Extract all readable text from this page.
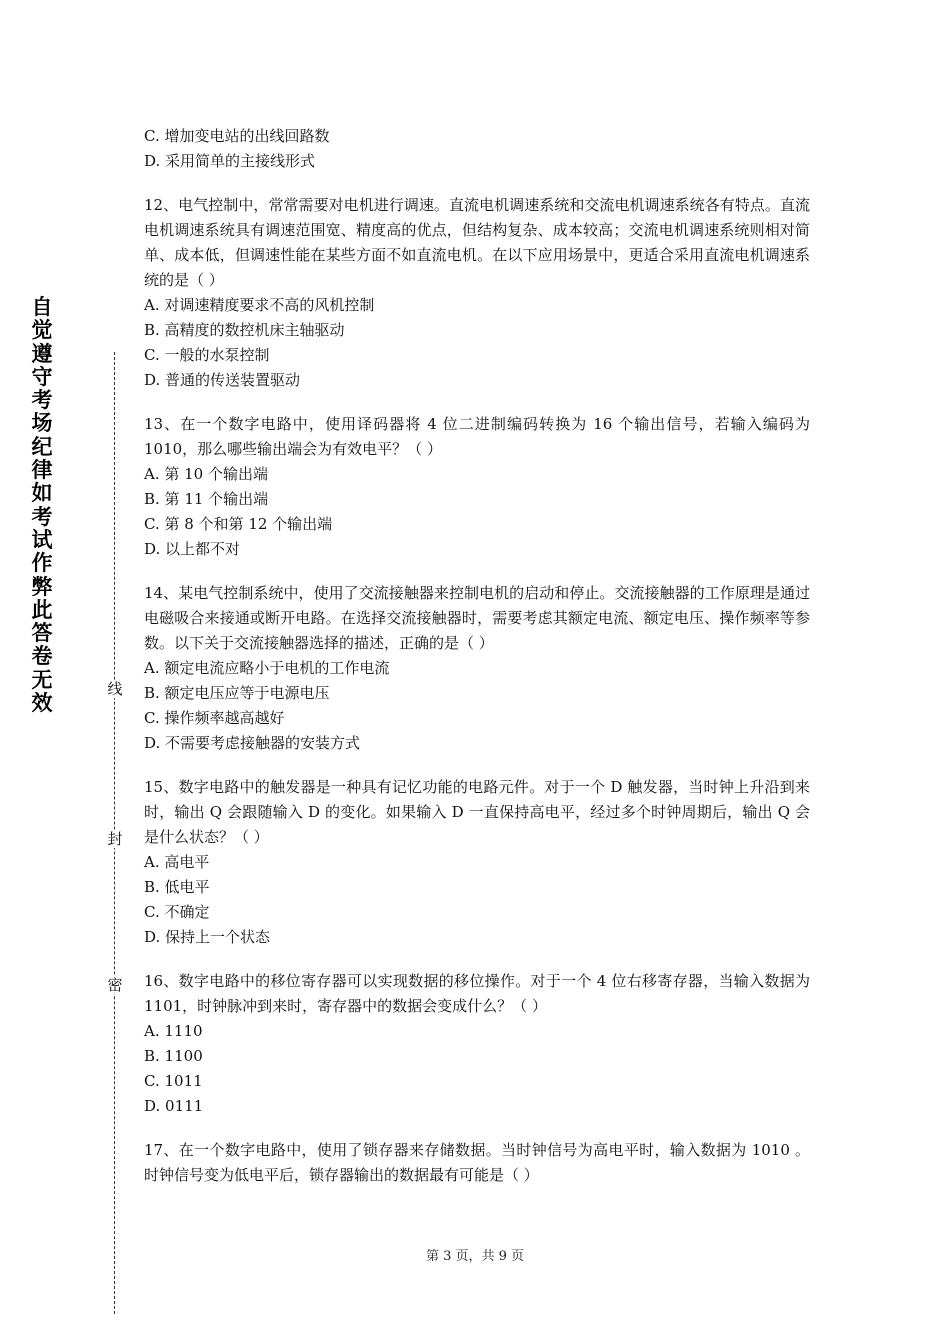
自觉遵守考场纪律如考试作弊此答卷无效
线
封
密
C. 增加变电站的出线回路数
D. 采用简单的主接线形式
12、电气控制中，常常需要对电机进行调速。直流电机调速系统和交流电机调速系统各有特点。直流电机调速系统具有调速范围宽、精度高的优点，但结构复杂、成本较高；交流电机调速系统则相对简单、成本低，但调速性能在某些方面不如直流电机。在以下应用场景中，更适合采用直流电机调速系统的是（ ）
A. 对调速精度要求不高的风机控制
B. 高精度的数控机床主轴驱动
C. 一般的水泵控制
D. 普通的传送装置驱动
13、在一个数字电路中，使用译码器将 4 位二进制编码转换为 16 个输出信号，若输入编码为 1010，那么哪些输出端会为有效电平？（ ）
A. 第 10 个输出端
B. 第 11 个输出端
C. 第 8 个和第 12 个输出端
D. 以上都不对
14、某电气控制系统中，使用了交流接触器来控制电机的启动和停止。交流接触器的工作原理是通过电磁吸合来接通或断开电路。在选择交流接触器时，需要考虑其额定电流、额定电压、操作频率等参数。以下关于交流接触器选择的描述，正确的是（ ）
A. 额定电流应略小于电机的工作电流
B. 额定电压应等于电源电压
C. 操作频率越高越好
D. 不需要考虑接触器的安装方式
15、数字电路中的触发器是一种具有记忆功能的电路元件。对于一个 D 触发器，当时钟上升沿到来时，输出 Q 会跟随输入 D 的变化。如果输入 D 一直保持高电平，经过多个时钟周期后，输出 Q 会是什么状态？（ ）
A. 高电平
B. 低电平
C. 不确定
D. 保持上一个状态
16、数字电路中的移位寄存器可以实现数据的移位操作。对于一个 4 位右移寄存器，当输入数据为 1101，时钟脉冲到来时，寄存器中的数据会变成什么？（ ）
A. 1110
B. 1100
C. 1011
D. 0111
17、在一个数字电路中，使用了锁存器来存储数据。当时钟信号为高电平时，输入数据为 1010 。时钟信号变为低电平后，锁存器输出的数据最有可能是（ ）
第 3 页，共 9 页
